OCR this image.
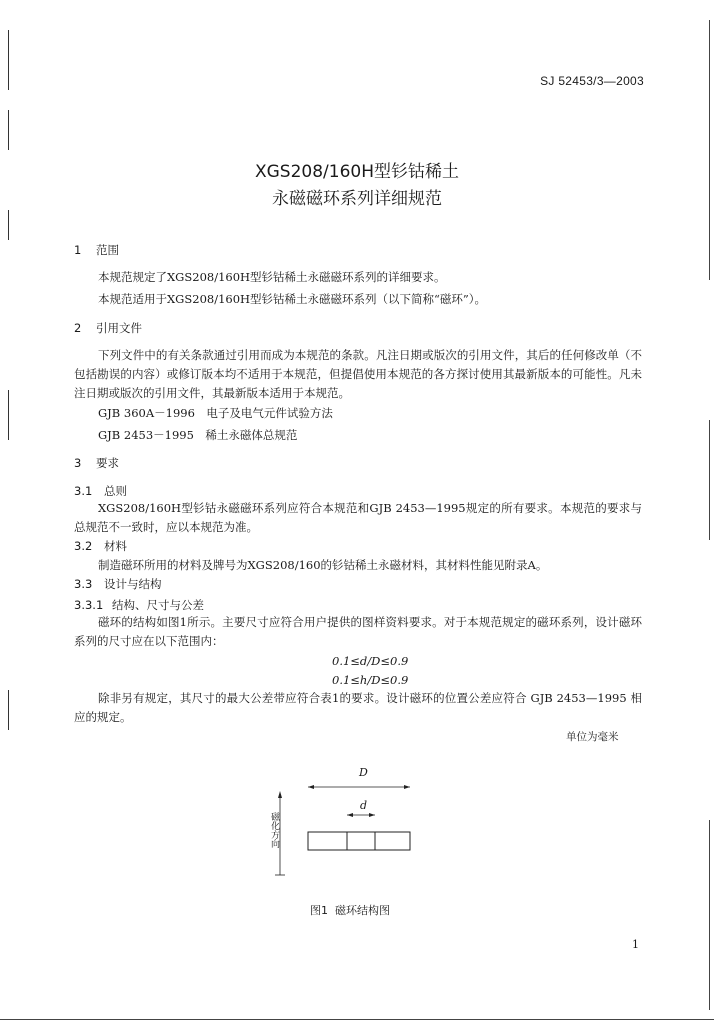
SJ 52453/3—2003
XGS208/160H型钐钴稀土
永磁磁环系列详细规范
1 范围
本规范规定了XGS208/160H型钐钴稀土永磁磁环系列的详细要求。
本规范适用于XGS208/160H型钐钴稀土永磁磁环系列（以下简称“磁环”）。
2 引用文件
下列文件中的有关条款通过引用而成为本规范的条款。凡注日期或版次的引用文件，其后的任何修改单（不包括勘误的内容）或修订版本均不适用于本规范，但提倡使用本规范的各方探讨使用其最新版本的可能性。凡未注日期或版次的引用文件，其最新版本适用于本规范。
GJB 360A－1996　电子及电气元件试验方法
GJB 2453－1995　稀土永磁体总规范
3 要求
3.1 总则
XGS208/160H型钐钴永磁磁环系列应符合本规范和GJB 2453—1995规定的所有要求。本规范的要求与总规范不一致时，应以本规范为准。
3.2 材料
制造磁环所用的材料及牌号为XGS208/160的钐钴稀土永磁材料，其材料性能见附录A。
3.3 设计与结构
3.3.1 结构、尺寸与公差
磁环的结构如图1所示。主要尺寸应符合用户提供的图样资料要求。对于本规范规定的磁环系列，设计磁环系列的尺寸应在以下范围内：
0.1≤d/D≤0.9
0.1≤h/D≤0.9
除非另有规定，其尺寸的最大公差带应符合表1的要求。设计磁环的位置公差应符合 GJB 2453—1995 相应的规定。
单位为毫米
D
d
磁化方向
图1 磁环结构图
1
